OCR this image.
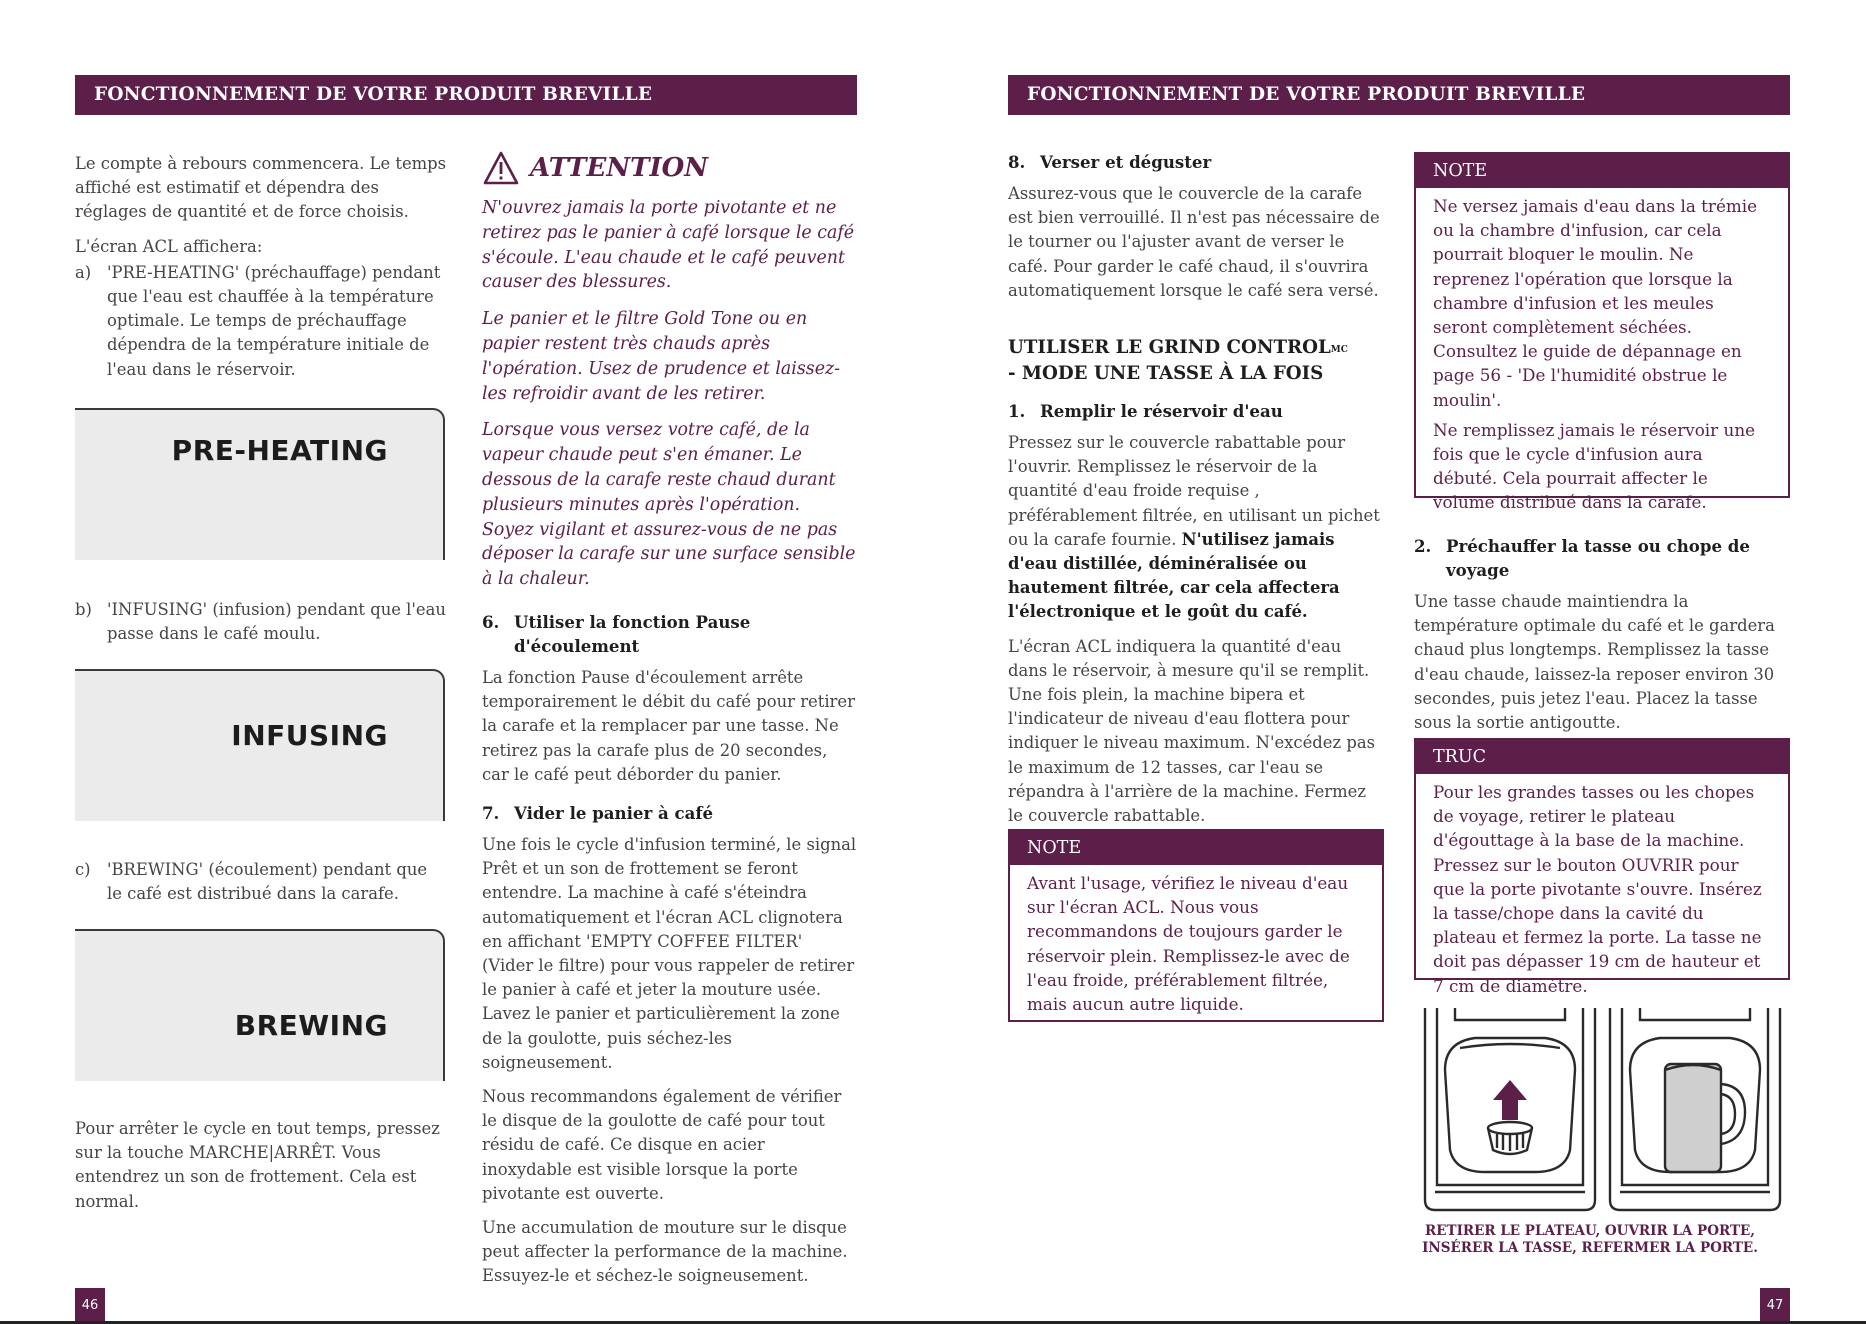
FONCTIONNEMENT DE VOTRE PRODUIT BREVILLE

Le compte à rebours commencera. Le temps affiché est estimatif et dépendra des réglages de quantité et de force choisis.

L'écran ACL affichera:

a) 'PRE-HEATING' (préchauffage) pendant que l'eau est chauffée à la température optimale. Le temps de préchauffage dépendra de la température initiale de l'eau dans le réservoir.
PRE-HEATING
b) 'INFUSING' (infusion) pendant que l'eau passe dans le café moulu.
INFUSING
c)	'BREWING' (écoulement) pendant que le café est distribué dans la carafe.
BREWING

Pour arrêter le cycle en tout temps, pressez sur la touche MARCHE|ARRÊT. Vous entendrez un son de frottement. Cela est normal.

ATTENTION

N'ouvrez jamais la porte pivotante et ne retirez pas le panier à café lorsque le café s'écoule. L'eau chaude et le café peuvent causer des blessures.

Le panier et le filtre Gold Tone ou en papier restent très chauds après l'opération. Usez de prudence et laissez-les refroidir avant de les retirer.

Lorsque vous versez votre café, de la vapeur chaude peut s'en émaner. Le dessous de la carafe reste chaud durant plusieurs minutes après l'opération. Soyez vigilant et assurez-vous de ne pas déposer la carafe sur une surface sensible à la chaleur.

6. Utiliser la fonction Pause d'écoulement

La fonction Pause d'écoulement arrête temporairement le débit du café pour retirer la carafe et la remplacer par une tasse. Ne retirez pas la carafe plus de 20 secondes, car le café peut déborder du panier.

7. Vider le panier à café

Une fois le cycle d'infusion terminé, le signal Prêt et un son de frottement se feront entendre. La machine à café s'éteindra automatiquement et l'écran ACL clignotera en affichant 'EMPTY COFFEE FILTER' (Vider le filtre) pour vous rappeler de retirer le panier à café et jeter la mouture usée. Lavez le panier et particulièrement la zone de la goulotte, puis séchez-les soigneusement.

Nous recommandons également de vérifier le disque de la goulotte de café pour tout résidu de café. Ce disque en acier inoxydable est visible lorsque la porte pivotante est ouverte.

Une accumulation de mouture sur le disque peut affecter la performance de la machine. Essuyez-le et séchez-le soigneusement.

46
FONCTIONNEMENT DE VOTRE PRODUIT BREVILLE
8. Verser et déguster

Assurez-vous que le couvercle de la carafe est bien verrouillé. Il n'est pas nécessaire de le tourner ou l'ajuster avant de verser le café. Pour garder le café chaud, il s'ouvrira automatiquement lorsque le café sera versé.

UTILISER LE GRIND $CONTROL^{MC}$
- MODE UNE TASSE À LA FOIS
1. Remplir le réservoir d'eau

Pressez sur le couvercle rabattable pour l'ouvrir. Remplissez le réservoir de la quantité d'eau froide requise , préférablement filtrée, en utilisant un pichet ou la carafe fournie. N'utilisez jamais d'eau distillée, déminéralisée ou hautement filtrée, car cela affectera l'électronique et le goût du café.

L'écran ACL indiquera la quantité d'eau dans le réservoir, à mesure qu'il se remplit. Une fois plein, la machine bipera et l'indicateur de niveau d'eau flottera pour indiquer le niveau maximum. N'excédez pas le maximum de 12 tasses, car l'eau se répandra à l'arrière de la machine. Fermez le couvercle rabattable.

NOTE

Avant l'usage, vérifiez le niveau d'eau sur l'écran ACL. Nous vous recommandons de toujours garder le réservoir plein. Remplissez-le avec de l'eau froide, préférablement filtrée, mais aucun autre liquide.

NOTE

Ne versez jamais d'eau dans la trémie ou la chambre d'infusion, car cela pourrait bloquer le moulin. Ne reprenez l'opération que lorsque la chambre d'infusion et les meules seront complètement séchées. Consultez le guide de dépannage en page 56 - 'De l'humidité obstrue le moulin'.

Ne remplissez jamais le réservoir une fois que le cycle d'infusion aura débuté. Cela pourrait affecter le volume distribué dans la carafe.

2. Préchauffer la tasse ou chope de voyage

Une tasse chaude maintiendra la température optimale du café et le gardera chaud plus longtemps. Remplissez la tasse d'eau chaude, laissez-la reposer environ 30 secondes, puis jetez l'eau. Placez la tasse sous la sortie antigoutte.

TRUC

Pour les grandes tasses ou les chopes de voyage, retirer le plateau d'égouttage à la base de la machine. Pressez sur le bouton OUVRIR pour que la porte pivotante s'ouvre. Insérez la tasse/chope dans la cavité du plateau et fermez la porte. La tasse ne doit pas dépasser 19 cm de hauteur et 7 cm de diamètre.

RETIRER LE PLATEAU, OUVRIR LA PORTE,
INSÉRER LA TASSE, REFERMER LA PORTE.
47
